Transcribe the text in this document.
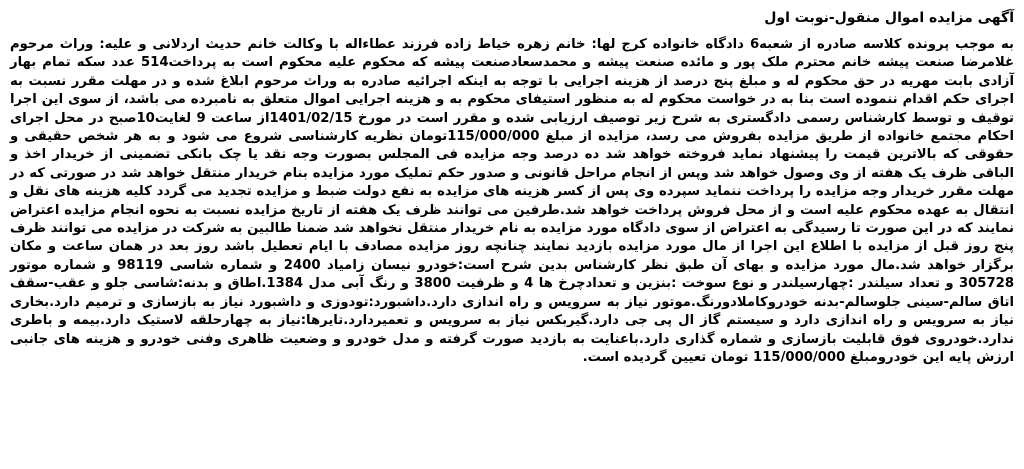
آگهی مزایده اموال منقول-نوبت اول

به موجب پرونده کلاسه صادره از شعبه6 دادگاه خانواده کرج لها: خانم زهره خیاط زاده فرزند عطاءاله با وکالت خانم حدیث اردلانی و علیه: وراث مرحوم غلامرضا صنعت پیشه خانم محترم ملک پور و مائده صنعت پیشه و محمدسعادصنعت پیشه که محکوم علیه محکوم است به پرداخت514 عدد سکه تمام بهار آزادی بابت مهریه در حق محکوم له و مبلغ پنج درصد از هزینه اجرایی با توجه به اینکه اجرائیه صادره به وراث مرحوم ابلاغ شده و در مهلت مقرر نسبت به اجرای حکم اقدام ننموده است بنا به در خواست محکوم له به منظور استیفای محکوم به و هزینه اجرایی اموال متعلق به نامبرده می باشد، از سوی این اجرا توقیف و توسط کارشناس رسمی دادگستری به شرح زیر توصیف ارزیابی شده و مقرر است در مورخ 1401/02/15از ساعت 9 لغایت10صبح در محل اجرای احکام مجتمع خانواده از طریق مزایده بفروش می رسد، مزایده از مبلغ 115/000/000تومان نظریه کارشناسی شروع می شود و به هر شخص حقیقی و حقوقی که بالاترین قیمت را پیشنهاد نماید فروخته خواهد شد ده درصد وجه مزایده فی المجلس بصورت وجه نقد یا چک بانکی تضمینی از خریدار اخذ و الباقی ظرف یک هفته از وی وصول خواهد شد وپس از انجام مراحل قانونی و صدور حکم تملیک مورد مزایده بنام خریدار منتقل خواهد شد در صورتی که در مهلت مقرر خریدار وجه مزایده را پرداخت ننماید سپرده وی پس از کسر هزینه های مزایده به نفع دولت ضبط و مزایده تجدید می گردد کلیه هزینه های نقل و انتقال به عهده محکوم علیه است و از محل فروش پرداخت خواهد شد.طرفین می توانند ظرف یک هفته از تاریخ مزایده نسبت به نحوه انجام مزایده اعتراض نمایند که در این صورت تا رسیدگی به اعتراض از سوی دادگاه مورد مزایده به نام خریدار منتقل نخواهد شد ضمنا طالبین به شرکت در مزایده می توانند ظرف پنج روز قبل از مزایده با اطلاع این اجرا از مال مورد مزایده بازدید نمایند چنانچه روز مزایده مصادف با ایام تعطیل باشد روز بعد در همان ساعت و مکان برگزار خواهد شد.مال مورد مزایده و بهای آن طبق نظر کارشناس بدین شرح است:خودرو نیسان زامیاد 2400 و شماره شاسی 98119 و شماره موتور 305728 و تعداد سیلندر :چهارسیلندر و نوع سوخت :بنزین و تعدادچرخ ها 4 و ظرفیت 3800 و رنگ آبی مدل 1384.اطاق و بدنه:شاسی جلو و عقب-سقف اتاق سالم-سینی جلوسالم-بدنه خودروکاملادورنگ.موتور نیاز به سرویس و راه اندازی دارد.داشبورد:تودوزی و داشبورد نیاز به بازسازی و ترمیم دارد.بخاری نیاز به سرویس و راه اندازی دارد و سیستم گاز ال پی جی دارد.گیربکس نیاز به سرویس و تعمیردارد.تایرها:نیاز به چهارحلقه لاستیک دارد.بیمه و باطری ندارد.خودروی فوق قابلیت بازسازی و شماره گذاری دارد.باعنایت به بازدید صورت گرفته و مدل خودرو و وضعیت ظاهری وفنی خودرو و هزینه های جانبی ارزش پایه این خودرومبلغ 115/000/000 تومان تعیین گردیده است.
